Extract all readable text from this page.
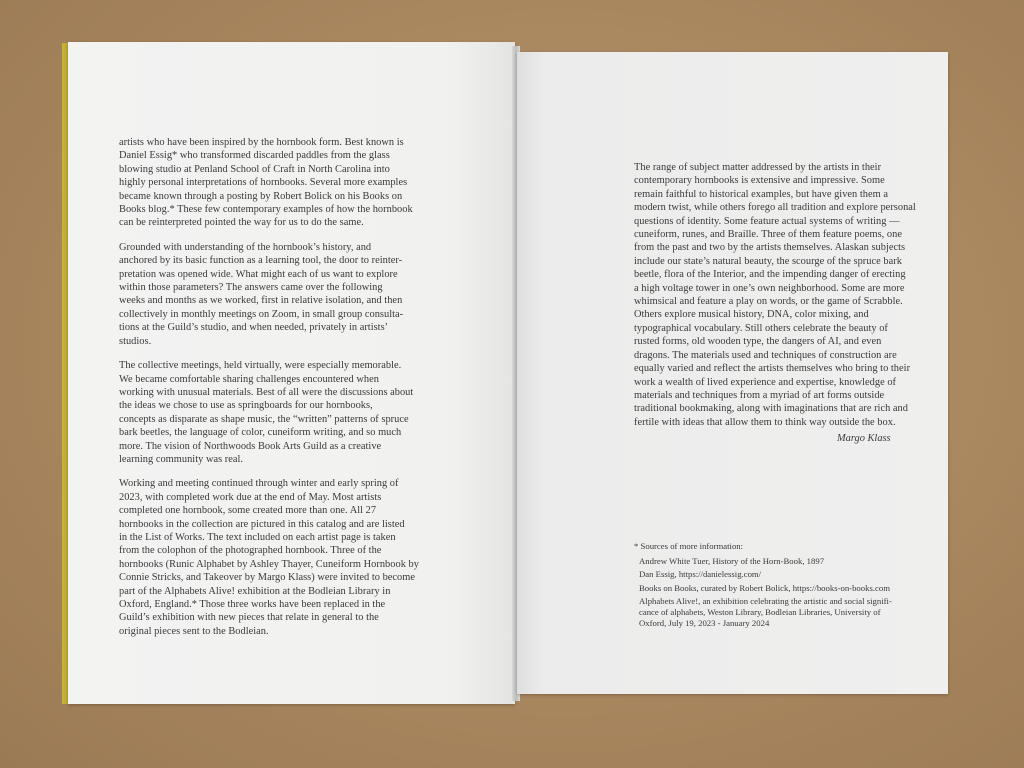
artists who have been inspired by the hornbook form. Best known is
Daniel Essig* who transformed discarded paddles from the glass
blowing studio at Penland School of Craft in North Carolina into
highly personal interpretations of hornbooks. Several more examples
became known through a posting by Robert Bolick on his Books on
Books blog.* These few contemporary examples of how the hornbook
can be reinterpreted pointed the way for us to do the same.

Grounded with understanding of the hornbook’s history, and
anchored by its basic function as a learning tool, the door to reinter-
pretation was opened wide. What might each of us want to explore
within those parameters? The answers came over the following
weeks and months as we worked, first in relative isolation, and then
collectively in monthly meetings on Zoom, in small group consulta-
tions at the Guild’s studio, and when needed, privately in artists’
studios.

The collective meetings, held virtually, were especially memorable.
We became comfortable sharing challenges encountered when
working with unusual materials. Best of all were the discussions about
the ideas we chose to use as springboards for our hornbooks,
concepts as disparate as shape music, the “written” patterns of spruce
bark beetles, the language of color, cuneiform writing, and so much
more. The vision of Northwoods Book Arts Guild as a creative
learning community was real.

Working and meeting continued through winter and early spring of
2023, with completed work due at the end of May. Most artists
completed one hornbook, some created more than one. All 27
hornbooks in the collection are pictured in this catalog and are listed
in the List of Works. The text included on each artist page is taken
from the colophon of the photographed hornbook. Three of the
hornbooks (Runic Alphabet by Ashley Thayer, Cuneiform Hornbook by
Connie Stricks, and Takeover by Margo Klass) were invited to become
part of the Alphabets Alive! exhibition at the Bodleian Library in
Oxford, England.* Those three works have been replaced in the
Guild’s exhibition with new pieces that relate in general to the
original pieces sent to the Bodleian.

The range of subject matter addressed by the artists in their
contemporary hornbooks is extensive and impressive. Some
remain faithful to historical examples, but have given them a
modern twist, while others forego all tradition and explore personal
questions of identity. Some feature actual systems of writing —
cuneiform, runes, and Braille. Three of them feature poems, one
from the past and two by the artists themselves. Alaskan subjects
include our state’s natural beauty, the scourge of the spruce bark
beetle, flora of the Interior, and the impending danger of erecting
a high voltage tower in one’s own neighborhood. Some are more
whimsical and feature a play on words, or the game of Scrabble.
Others explore musical history, DNA, color mixing, and
typographical vocabulary. Still others celebrate the beauty of
rusted forms, old wooden type, the dangers of AI, and even
dragons. The materials used and techniques of construction are
equally varied and reflect the artists themselves who bring to their
work a wealth of lived experience and expertise, knowledge of
materials and techniques from a myriad of art forms outside
traditional bookmaking, along with imaginations that are rich and
fertile with ideas that allow them to think way outside the box.
Margo Klass
* Sources of more information:
Andrew White Tuer, History of the Horn-Book, 1897
Dan Essig, https://danielessig.com/
Books on Books, curated by Robert Bolick, https://books-on-books.com
Alphabets Alive!, an exhibition celebrating the artistic and social signifi-
cance of alphabets, Weston Library, Bodleian Libraries, University of
Oxford, July 19, 2023 - January 2024
